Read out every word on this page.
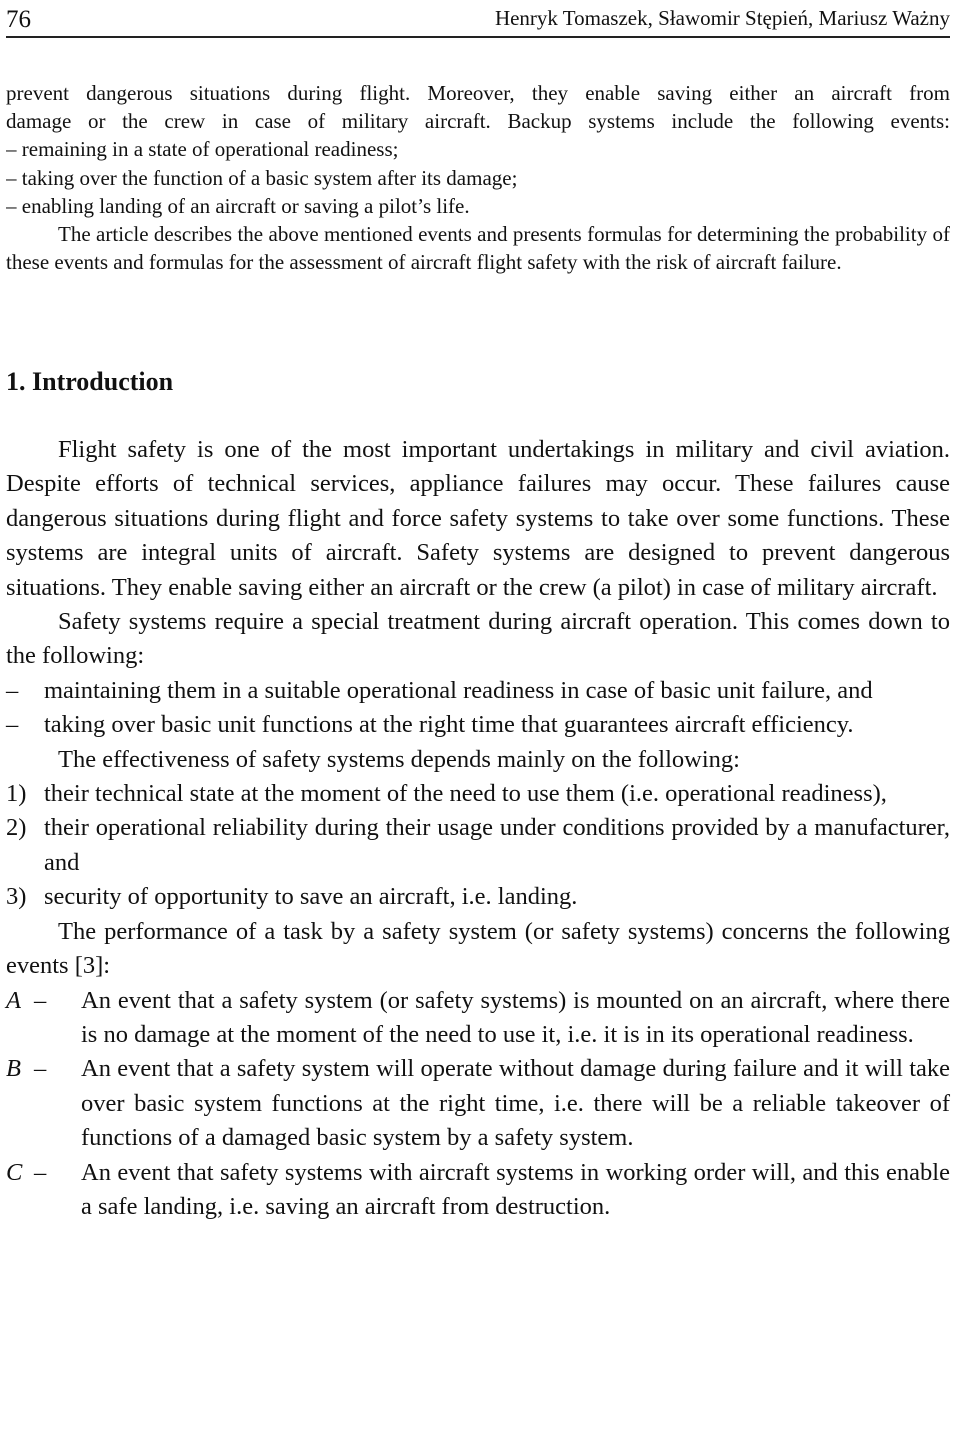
76	Henryk Tomaszek, Sławomir Stępień, Mariusz Ważny
prevent dangerous situations during flight. Moreover, they enable saving either an aircraft from
damage or the crew in case of military aircraft. Backup systems include the following events:
– remaining in a state of operational readiness;
– taking over the function of a basic system after its damage;
– enabling landing of an aircraft or saving a pilot’s life.

The article describes the above mentioned events and presents formulas for determining the probability of these events and formulas for the assessment of aircraft flight safety with the risk of aircraft failure.

1. Introduction

Flight safety is one of the most important undertakings in military and civil aviation. Despite efforts of technical services, appliance failures may occur. These failures cause dangerous situations during flight and force safety systems to take over some functions. These systems are integral units of aircraft. Safety systems are designed to prevent dangerous situations. They enable saving either an aircraft or the crew (a pilot) in case of military aircraft.

Safety systems require a special treatment during aircraft operation. This comes down to the following:

–	maintaining them in a suitable operational readiness in case of basic unit failure, and
–	taking over basic unit functions at the right time that guarantees aircraft efficiency.

The effectiveness of safety systems depends mainly on the following:

1) their technical state at the moment of the need to use them (i.e. operational readiness),
2) their operational reliability during their usage under conditions provided by a manufacturer, and
3) security of opportunity to save an aircraft, i.e. landing.

The performance of a task by a safety system (or safety systems) concerns the following events [3]:

A –	An event that a safety system (or safety systems) is mounted on an aircraft, where there is no damage at the moment of the need to use it, i.e. it is in its operational readiness.
B –	An event that a safety system will operate without damage during failure and it will take over basic system functions at the right time, i.e. there will be a reliable takeover of functions of a damaged basic system by a safety system.
C –	An event that safety systems with aircraft systems in working order will, and this enable a safe landing, i.e. saving an aircraft from destruction.
